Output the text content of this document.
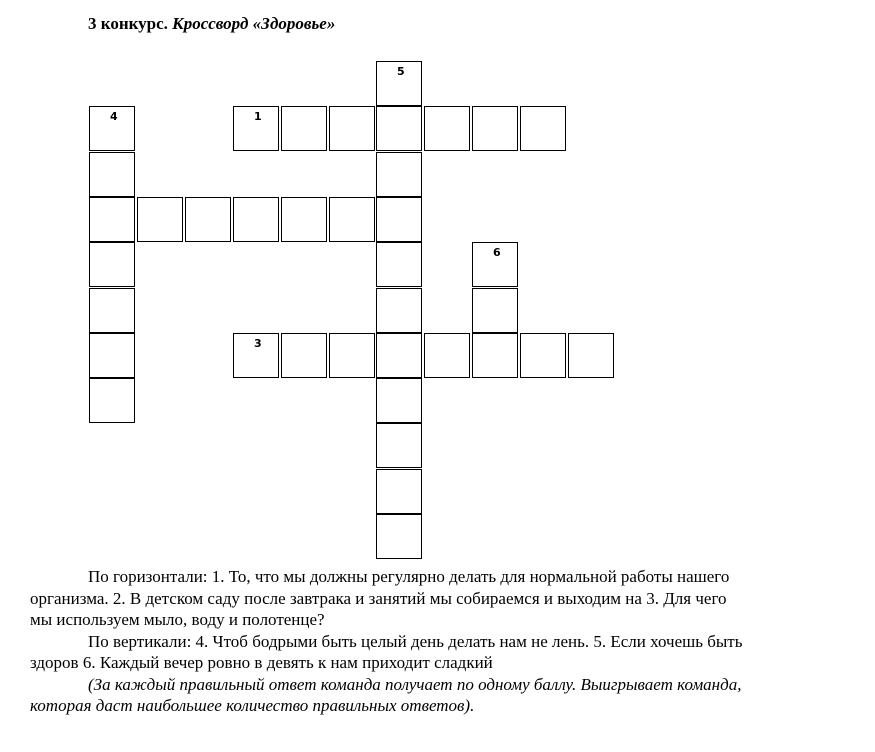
3 конкурс. Кроссворд «Здоровье»
5
4	1
6
3
По горизонтали: 1. То, что мы должны регулярно делать для нормальной работы нашего
организма. 2. В детском саду после завтрака и занятий мы собираемся и выходим на 3. Для чего
мы используем мыло, воду и полотенце?
По вертикали: 4. Чтоб бодрыми быть целый день делать нам не лень. 5. Если хочешь быть
здоров 6. Каждый вечер ровно в девять к нам приходит сладкий
(За каждый правильный ответ команда получает по одному баллу. Выигрывает команда,
которая даст наибольшее количество правильных ответов).
